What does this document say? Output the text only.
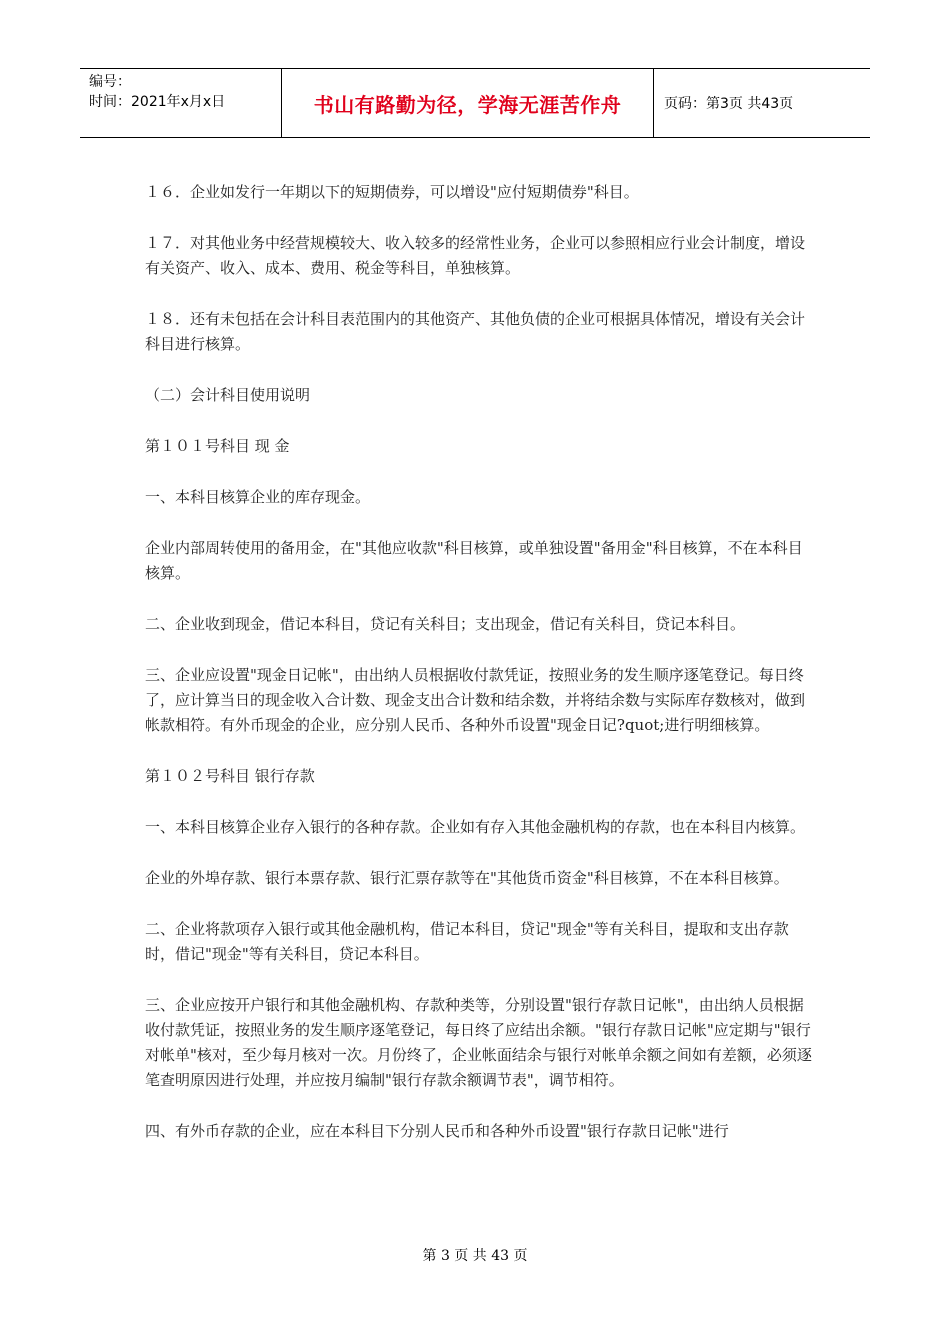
编号：
时间：2021年x月x日	书山有路勤为径，学海无涯苦作舟	页码：第3页 共43页

１６．企业如发行一年期以下的短期债券，可以增设"应付短期债券"科目。

１７．对其他业务中经营规模较大、收入较多的经常性业务，企业可以参照相应行业会计制度，增设有关资产、收入、成本、费用、税金等科目，单独核算。

１８．还有未包括在会计科目表范围内的其他资产、其他负债的企业可根据具体情况，增设有关会计科目进行核算。

（二）会计科目使用说明

第１０１号科目 现 金

一、本科目核算企业的库存现金。

企业内部周转使用的备用金，在"其他应收款"科目核算，或单独设置"备用金"科目核算，不在本科目核算。

二、企业收到现金，借记本科目，贷记有关科目；支出现金，借记有关科目，贷记本科目。

三、企业应设置"现金日记帐"，由出纳人员根据收付款凭证，按照业务的发生顺序逐笔登记。每日终了，应计算当日的现金收入合计数、现金支出合计数和结余数，并将结余数与实际库存数核对，做到帐款相符。有外币现金的企业，应分别人民币、各种外币设置"现金日记?quot;进行明细核算。

第１０２号科目 银行存款

一、本科目核算企业存入银行的各种存款。企业如有存入其他金融机构的存款，也在本科目内核算。

企业的外埠存款、银行本票存款、银行汇票存款等在"其他货币资金"科目核算，不在本科目核算。

二、企业将款项存入银行或其他金融机构，借记本科目，贷记"现金"等有关科目，提取和支出存款时，借记"现金"等有关科目，贷记本科目。

三、企业应按开户银行和其他金融机构、存款种类等，分别设置"银行存款日记帐"，由出纳人员根据收付款凭证，按照业务的发生顺序逐笔登记，每日终了应结出余额。"银行存款日记帐"应定期与"银行对帐单"核对，至少每月核对一次。月份终了，企业帐面结余与银行对帐单余额之间如有差额，必须逐笔查明原因进行处理，并应按月编制"银行存款余额调节表"，调节相符。

四、有外币存款的企业，应在本科目下分别人民币和各种外币设置"银行存款日记帐"进行

第 3 页 共 43 页
